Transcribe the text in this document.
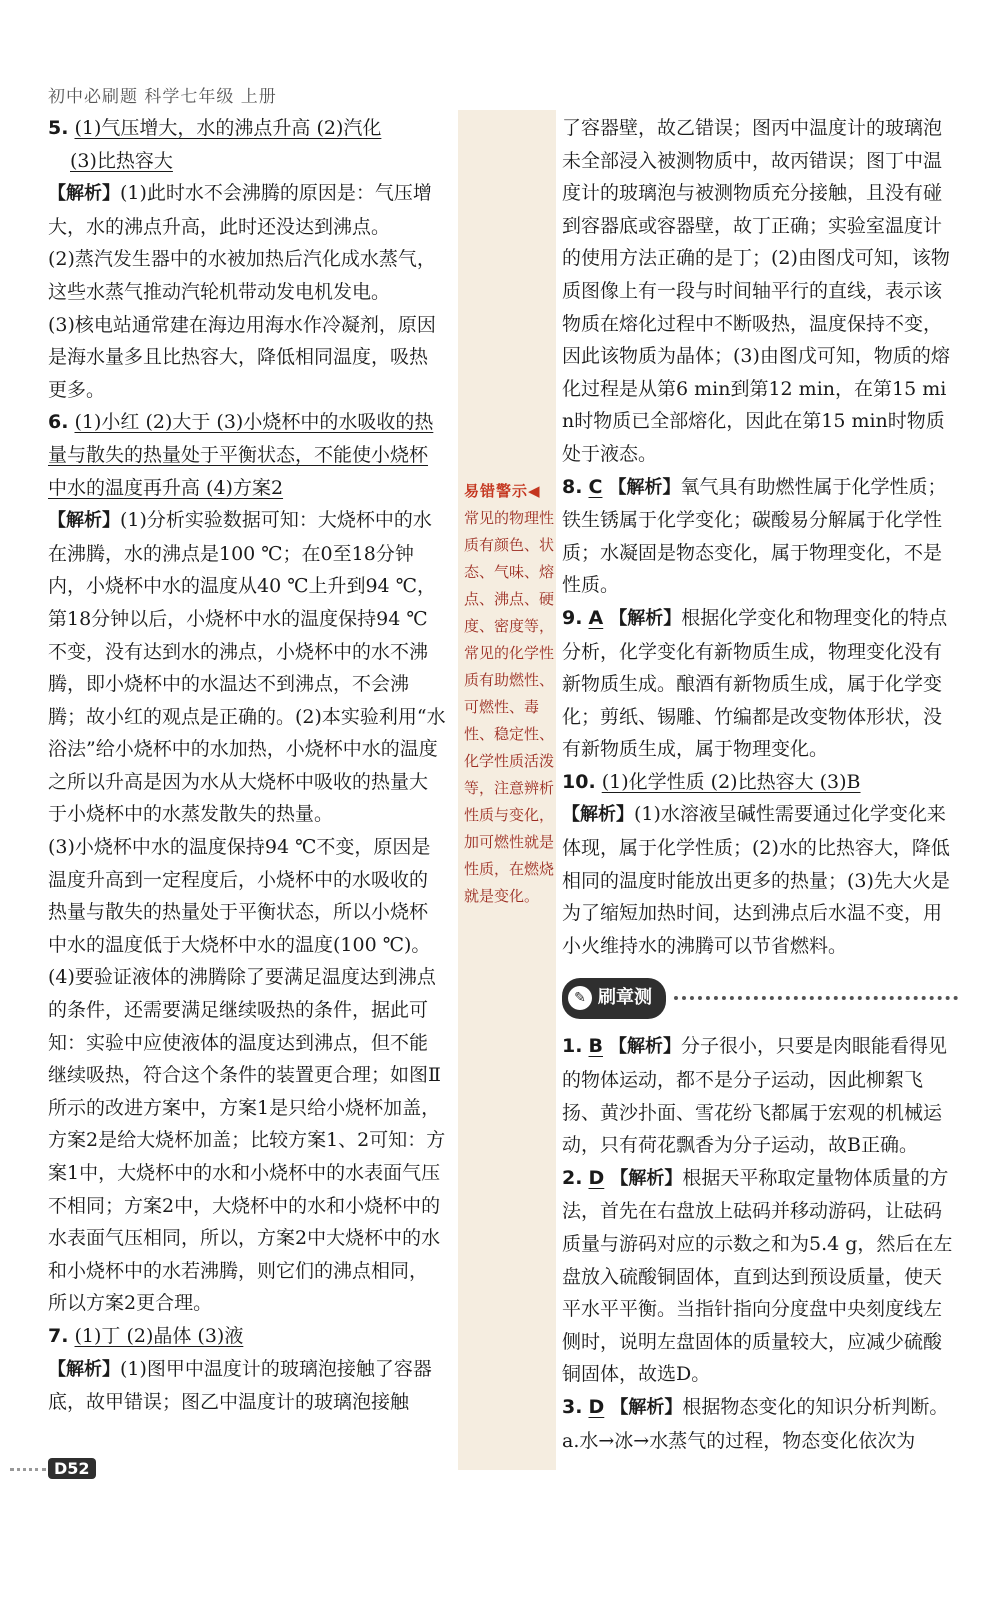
初中必刷题 科学七年级 上册
易错警示◀
常见的物理性质有颜色、状态、气味、熔点、沸点、硬度、密度等，常见的化学性质有助燃性、可燃性、毒性、稳定性、化学性质活泼等，注意辨析性质与变化，加可燃性就是性质，在燃烧就是变化。

5. (1)气压增大，水的沸点升高 (2)汽化
(3)比热容大

【解析】(1)此时水不会沸腾的原因是：气压增大，水的沸点升高，此时还没达到沸点。

(2)蒸汽发生器中的水被加热后汽化成水蒸气，这些水蒸气推动汽轮机带动发电机发电。

(3)核电站通常建在海边用海水作冷凝剂，原因是海水量多且比热容大，降低相同温度，吸热更多。

6. (1)小红 (2)大于 (3)小烧杯中的水吸收的热量与散失的热量处于平衡状态，不能使小烧杯中水的温度再升高 (4)方案2

【解析】(1)分析实验数据可知：大烧杯中的水在沸腾，水的沸点是100 ℃；在0至18分钟内，小烧杯中水的温度从40 ℃上升到94 ℃，第18分钟以后，小烧杯中水的温度保持94 ℃不变，没有达到水的沸点，小烧杯中的水不沸腾，即小烧杯中的水温达不到沸点，不会沸腾；故小红的观点是正确的。(2)本实验利用“水浴法”给小烧杯中的水加热，小烧杯中水的温度之所以升高是因为水从大烧杯中吸收的热量大于小烧杯中的水蒸发散失的热量。

(3)小烧杯中水的温度保持94 ℃不变，原因是温度升高到一定程度后，小烧杯中的水吸收的热量与散失的热量处于平衡状态，所以小烧杯中水的温度低于大烧杯中水的温度(100 ℃)。(4)要验证液体的沸腾除了要满足温度达到沸点的条件，还需要满足继续吸热的条件，据此可知：实验中应使液体的温度达到沸点，但不能继续吸热，符合这个条件的装置更合理；如图Ⅱ所示的改进方案中，方案1是只给小烧杯加盖，方案2是给大烧杯加盖；比较方案1、2可知：方案1中，大烧杯中的水和小烧杯中的水表面气压不相同；方案2中，大烧杯中的水和小烧杯中的水表面气压相同，所以，方案2中大烧杯中的水和小烧杯中的水若沸腾，则它们的沸点相同，所以方案2更合理。

7. (1)丁 (2)晶体 (3)液

【解析】(1)图甲中温度计的玻璃泡接触了容器底，故甲错误；图乙中温度计的玻璃泡接触

了容器壁，故乙错误；图丙中温度计的玻璃泡未全部浸入被测物质中，故丙错误；图丁中温度计的玻璃泡与被测物质充分接触，且没有碰到容器底或容器壁，故丁正确；实验室温度计的使用方法正确的是丁；(2)由图戊可知，该物质图像上有一段与时间轴平行的直线，表示该物质在熔化过程中不断吸热，温度保持不变，因此该物质为晶体；(3)由图戊可知，物质的熔化过程是从第6 min到第12 min，在第15 min时物质已全部熔化，因此在第15 min时物质处于液态。

8. C 【解析】氧气具有助燃性属于化学性质；铁生锈属于化学变化；碳酸易分解属于化学性质；水凝固是物态变化，属于物理变化，不是性质。

9. A 【解析】根据化学变化和物理变化的特点分析，化学变化有新物质生成，物理变化没有新物质生成。酿酒有新物质生成，属于化学变化；剪纸、锡雕、竹编都是改变物体形状，没有新物质生成，属于物理变化。

10. (1)化学性质 (2)比热容大 (3)B

【解析】(1)水溶液呈碱性需要通过化学变化来体现，属于化学性质；(2)水的比热容大，降低相同的温度时能放出更多的热量；(3)先大火是为了缩短加热时间，达到沸点后水温不变，用小火维持水的沸腾可以节省燃料。

✎ 刷章测

1. B 【解析】分子很小，只要是肉眼能看得见的物体运动，都不是分子运动，因此柳絮飞扬、黄沙扑面、雪花纷飞都属于宏观的机械运动，只有荷花飘香为分子运动，故B正确。

2. D 【解析】根据天平称取定量物体质量的方法，首先在右盘放上砝码并移动游码，让砝码质量与游码对应的示数之和为5.4 g，然后在左盘放入硫酸铜固体，直到达到预设质量，使天平水平平衡。当指针指向分度盘中央刻度线左侧时，说明左盘固体的质量较大，应减少硫酸铜固体，故选D。

3. D 【解析】根据物态变化的知识分析判断。

a.水→冰→水蒸气的过程，物态变化依次为

D52
